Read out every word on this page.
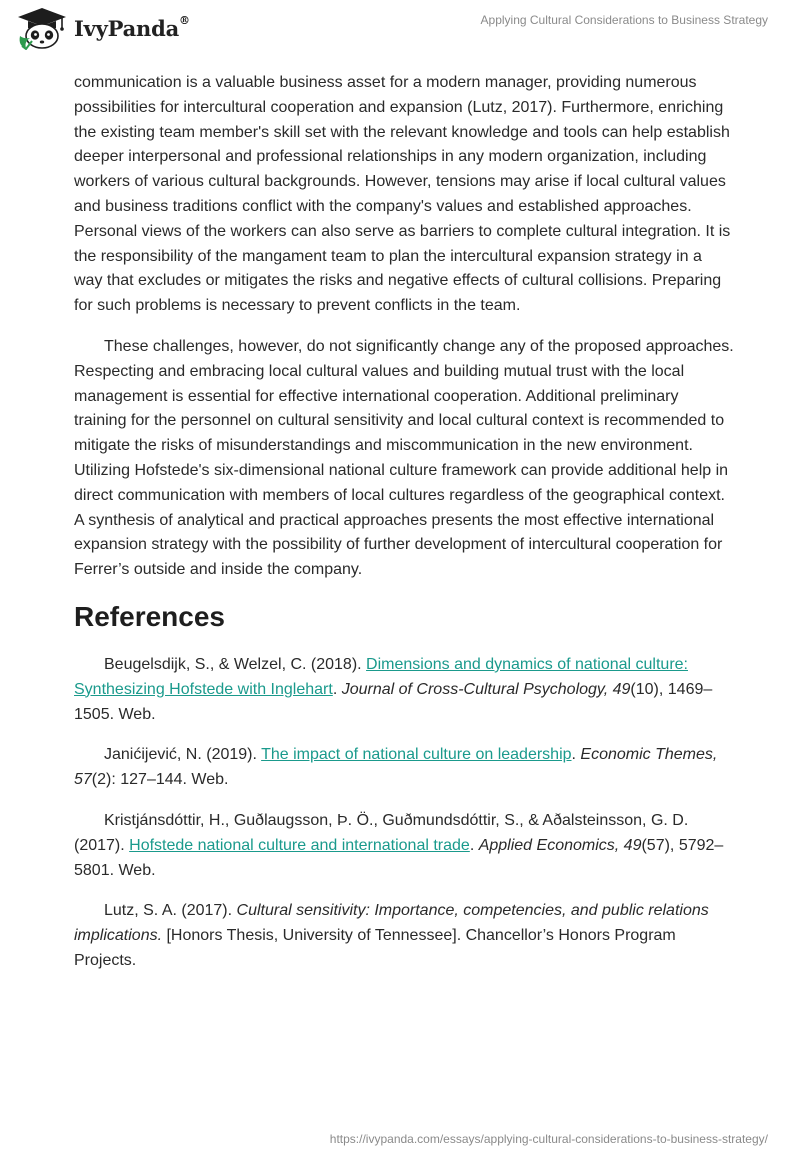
IvyPanda®	Applying Cultural Considerations to Business Strategy

communication is a valuable business asset for a modern manager, providing numerous possibilities for intercultural cooperation and expansion (Lutz, 2017). Furthermore, enriching the existing team member's skill set with the relevant knowledge and tools can help establish deeper interpersonal and professional relationships in any modern organization, including workers of various cultural backgrounds. However, tensions may arise if local cultural values and business traditions conflict with the company's values and established approaches. Personal views of the workers can also serve as barriers to complete cultural integration. It is the responsibility of the mangament team to plan the intercultural expansion strategy in a way that excludes or mitigates the risks and negative effects of cultural collisions. Preparing for such problems is necessary to prevent conflicts in the team.

These challenges, however, do not significantly change any of the proposed approaches. Respecting and embracing local cultural values and building mutual trust with the local management is essential for effective international cooperation. Additional preliminary training for the personnel on cultural sensitivity and local cultural context is recommended to mitigate the risks of misunderstandings and miscommunication in the new environment. Utilizing Hofstede's six-dimensional national culture framework can provide additional help in direct communication with members of local cultures regardless of the geographical context. A synthesis of analytical and practical approaches presents the most effective international expansion strategy with the possibility of further development of intercultural cooperation for Ferrer’s outside and inside the company.

References

Beugelsdijk, S., & Welzel, C. (2018). Dimensions and dynamics of national culture: Synthesizing Hofstede with Inglehart. Journal of Cross-Cultural Psychology, 49(10), 1469–1505. Web.

Janićijević, N. (2019). The impact of national culture on leadership. Economic Themes, 57(2): 127–144. Web.

Kristjánsdóttir, H., Guðlaugsson, Þ. Ö., Guðmundsdóttir, S., & Aðalsteinsson, G. D. (2017). Hofstede national culture and international trade. Applied Economics, 49(57), 5792–5801. Web.

Lutz, S. A. (2017). Cultural sensitivity: Importance, competencies, and public relations implications. [Honors Thesis, University of Tennessee]. Chancellor’s Honors Program Projects.

https://ivypanda.com/essays/applying-cultural-considerations-to-business-strategy/
